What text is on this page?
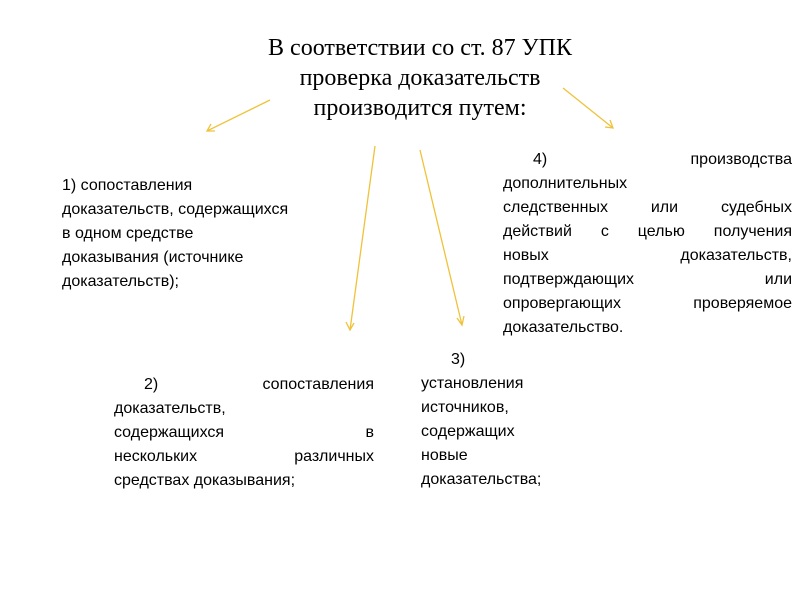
В соответствии со ст. 87 УПК
проверка доказательств
производится путем:
1) сопоставления
доказательств, содержащихся
в одном средстве
доказывания (источнике
доказательств);
2) сопоставления
доказательств,
содержащихся в
нескольких различных
средствах доказывания;
3)
установления
источников,
содержащих
новые
доказательства;
4) производства
дополнительных
следственных или судебных
действий с целью получения
новых доказательств,
подтверждающих или
опровергающих проверяемое
доказательство.
